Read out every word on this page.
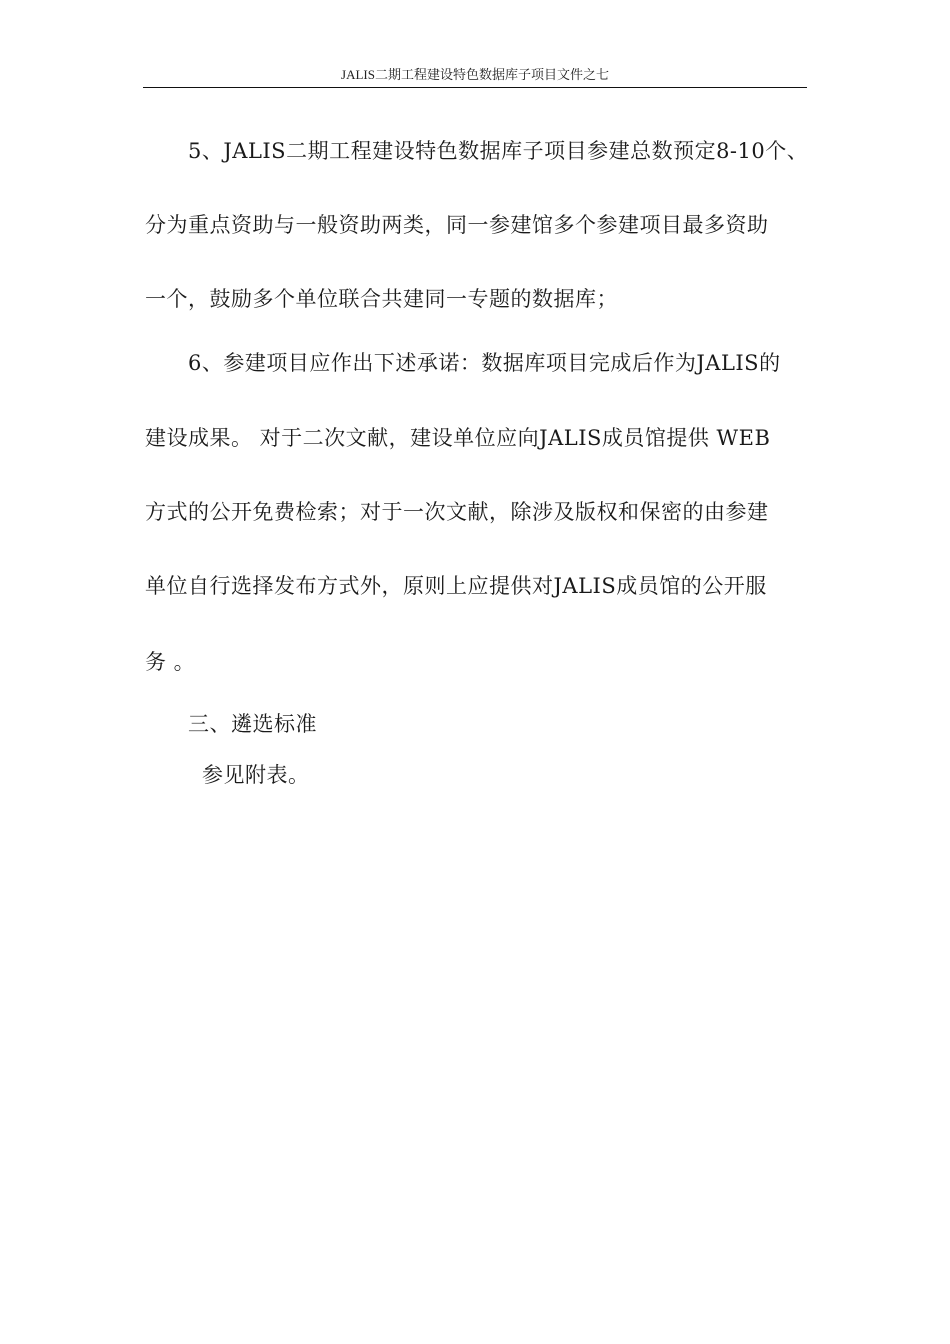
JALIS二期工程建设特色数据库子项目文件之七
5、JALIS二期工程建设特色数据库子项目参建总数预定8-10个、
分为重点资助与一般资助两类，同一参建馆多个参建项目最多资助
一个，鼓励多个单位联合共建同一专题的数据库；
6、参建项目应作出下述承诺：数据库项目完成后作为JALIS的
建设成果。 对于二次文献，建设单位应向JALIS成员馆提供 WEB
方式的公开免费检索；对于一次文献，除涉及版权和保密的由参建
单位自行选择发布方式外，原则上应提供对JALIS成员馆的公开服
务 。
三、遴选标准
参见附表。
